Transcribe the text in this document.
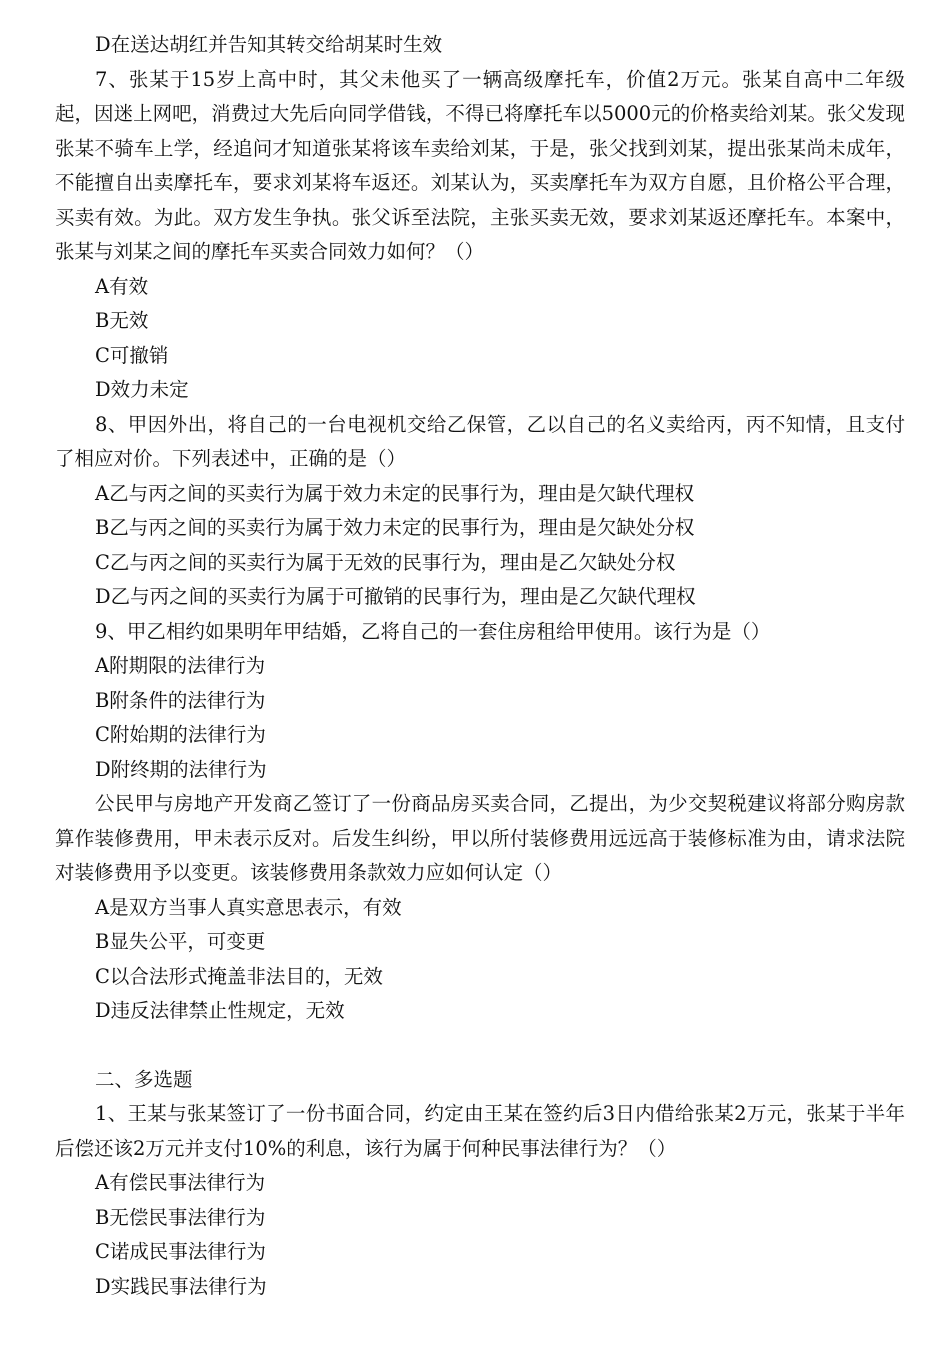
D在送达胡红并告知其转交给胡某时生效

7、张某于15岁上高中时，其父未他买了一辆高级摩托车，价值2万元。张某自高中二年级起，因迷上网吧，消费过大先后向同学借钱，不得已将摩托车以5000元的价格卖给刘某。张父发现张某不骑车上学，经追问才知道张某将该车卖给刘某，于是，张父找到刘某，提出张某尚未成年，不能擅自出卖摩托车，要求刘某将车返还。刘某认为，买卖摩托车为双方自愿，且价格公平合理，买卖有效。为此。双方发生争执。张父诉至法院，主张买卖无效，要求刘某返还摩托车。本案中，张某与刘某之间的摩托车买卖合同效力如何？（）

A有效

B无效

C可撤销

D效力未定

8、甲因外出，将自己的一台电视机交给乙保管，乙以自己的名义卖给丙，丙不知情，且支付了相应对价。下列表述中，正确的是（）

A乙与丙之间的买卖行为属于效力未定的民事行为，理由是欠缺代理权

B乙与丙之间的买卖行为属于效力未定的民事行为，理由是欠缺处分权

C乙与丙之间的买卖行为属于无效的民事行为，理由是乙欠缺处分权

D乙与丙之间的买卖行为属于可撤销的民事行为，理由是乙欠缺代理权

9、甲乙相约如果明年甲结婚，乙将自己的一套住房租给甲使用。该行为是（）

A附期限的法律行为

B附条件的法律行为

C附始期的法律行为

D附终期的法律行为

公民甲与房地产开发商乙签订了一份商品房买卖合同，乙提出，为少交契税建议将部分购房款算作装修费用，甲未表示反对。后发生纠纷，甲以所付装修费用远远高于装修标准为由，请求法院对装修费用予以变更。该装修费用条款效力应如何认定（）

A是双方当事人真实意思表示，有效

B显失公平，可变更

C以合法形式掩盖非法目的，无效

D违反法律禁止性规定，无效

二、多选题

1、王某与张某签订了一份书面合同，约定由王某在签约后3日内借给张某2万元，张某于半年后偿还该2万元并支付10%的利息，该行为属于何种民事法律行为？（）

A有偿民事法律行为

B无偿民事法律行为

C诺成民事法律行为

D实践民事法律行为
